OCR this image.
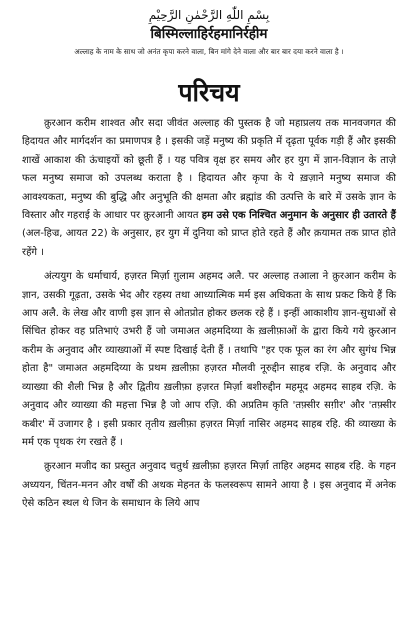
بِسْمِ اللّٰهِ الرَّحْمٰنِ الرَّحِيْمِ
बिस्मिल्लाहिर्रहमानिर्रहीम
अल्लाह के नाम के साथ जो अनंत कृपा करने वाला, बिन मांगे देने वाला और बार बार दया करने वाला है ।
परिचय

क़ुरआन करीम शाश्वत और सदा जीवंत अल्लाह की पुस्तक है जो महाप्रलय तक मानवजगत की हिदायत और मार्गदर्शन का प्रमाणपत्र है । इसकी जड़ें मनुष्य की प्रकृति में दृढ़ता पूर्वक गड़ी हैं और इसकी शाखें आकाश की ऊंचाइयों को छूती हैं । यह पवित्र वृक्ष हर समय और हर युग में ज्ञान-विज्ञान के ताज़े फल मनुष्य समाज को उपलब्ध कराता है । हिदायत और कृपा के ये ख़ज़ाने मनुष्य समाज की आवश्यकता, मनुष्य की बुद्धि और अनुभूति की क्षमता और ब्रह्मांड की उत्पत्ति के बारे में उसके ज्ञान के विस्तार और गहराई के आधार पर क़ुरआनी आयत हम उसे एक निश्चित अनुमान के अनुसार ही उतारते हैं (अल-हिज्र, आयत 22) के अनुसार, हर युग में दुनिया को प्राप्त होते रहते हैं और क़यामत तक प्राप्त होते रहेंगे ।

अंत्ययुग के धर्माचार्य, हज़रत मिर्ज़ा ग़ुलाम अहमद अलै. पर अल्लाह तआला ने क़ुरआन करीम के ज्ञान, उसकी गूढ़ता, उसके भेद और रहस्य तथा आध्यात्मिक मर्म इस अधिकता के साथ प्रकट किये हैं कि आप अलै. के लेख और वाणी इस ज्ञान से ओतप्रोत होकर छलक रहे हैं । इन्हीं आकाशीय ज्ञान-सुधाओं से सिंचित होकर वह प्रतिभाएं उभरी हैं जो जमाअत अहमदिय्या के ख़लीफ़ाओं के द्वारा किये गये क़ुरआन करीम के अनुवाद और व्याख्याओं में स्पष्ट दिखाई देती हैं । तथापि "हर एक फूल का रंग और सुगंध भिन्न होता है" जमाअत अहमदिय्या के प्रथम ख़लीफ़ा हज़रत मौलवी नूरुद्दीन साहब रज़ि. के अनुवाद और व्याख्या की शैली भिन्न है और द्वितीय ख़लीफ़ा हज़रत मिर्ज़ा बशीरुद्दीन महमूद अहमद साहब रज़ि. के अनुवाद और व्याख्या की महत्ता भिन्न है जो आप रज़ि. की अप्रतिम कृति 'तफ़्सीर सग़ीर' और 'तफ़्सीर कबीर' में उजागर है । इसी प्रकार तृतीय ख़लीफ़ा हज़रत मिर्ज़ा नासिर अहमद साहब रहि. की व्याख्या के मर्म एक पृथक रंग रखते हैं ।

क़ुरआन मजीद का प्रस्तुत अनुवाद चतुर्थ ख़लीफ़ा हज़रत मिर्ज़ा ताहिर अहमद साहब रहि. के गहन अध्ययन, चिंतन-मनन और वर्षों की अथक मेहनत के फलस्वरूप सामने आया है । इस अनुवाद में अनेक ऐसे कठिन स्थल थे जिन के समाधान के लिये आप
